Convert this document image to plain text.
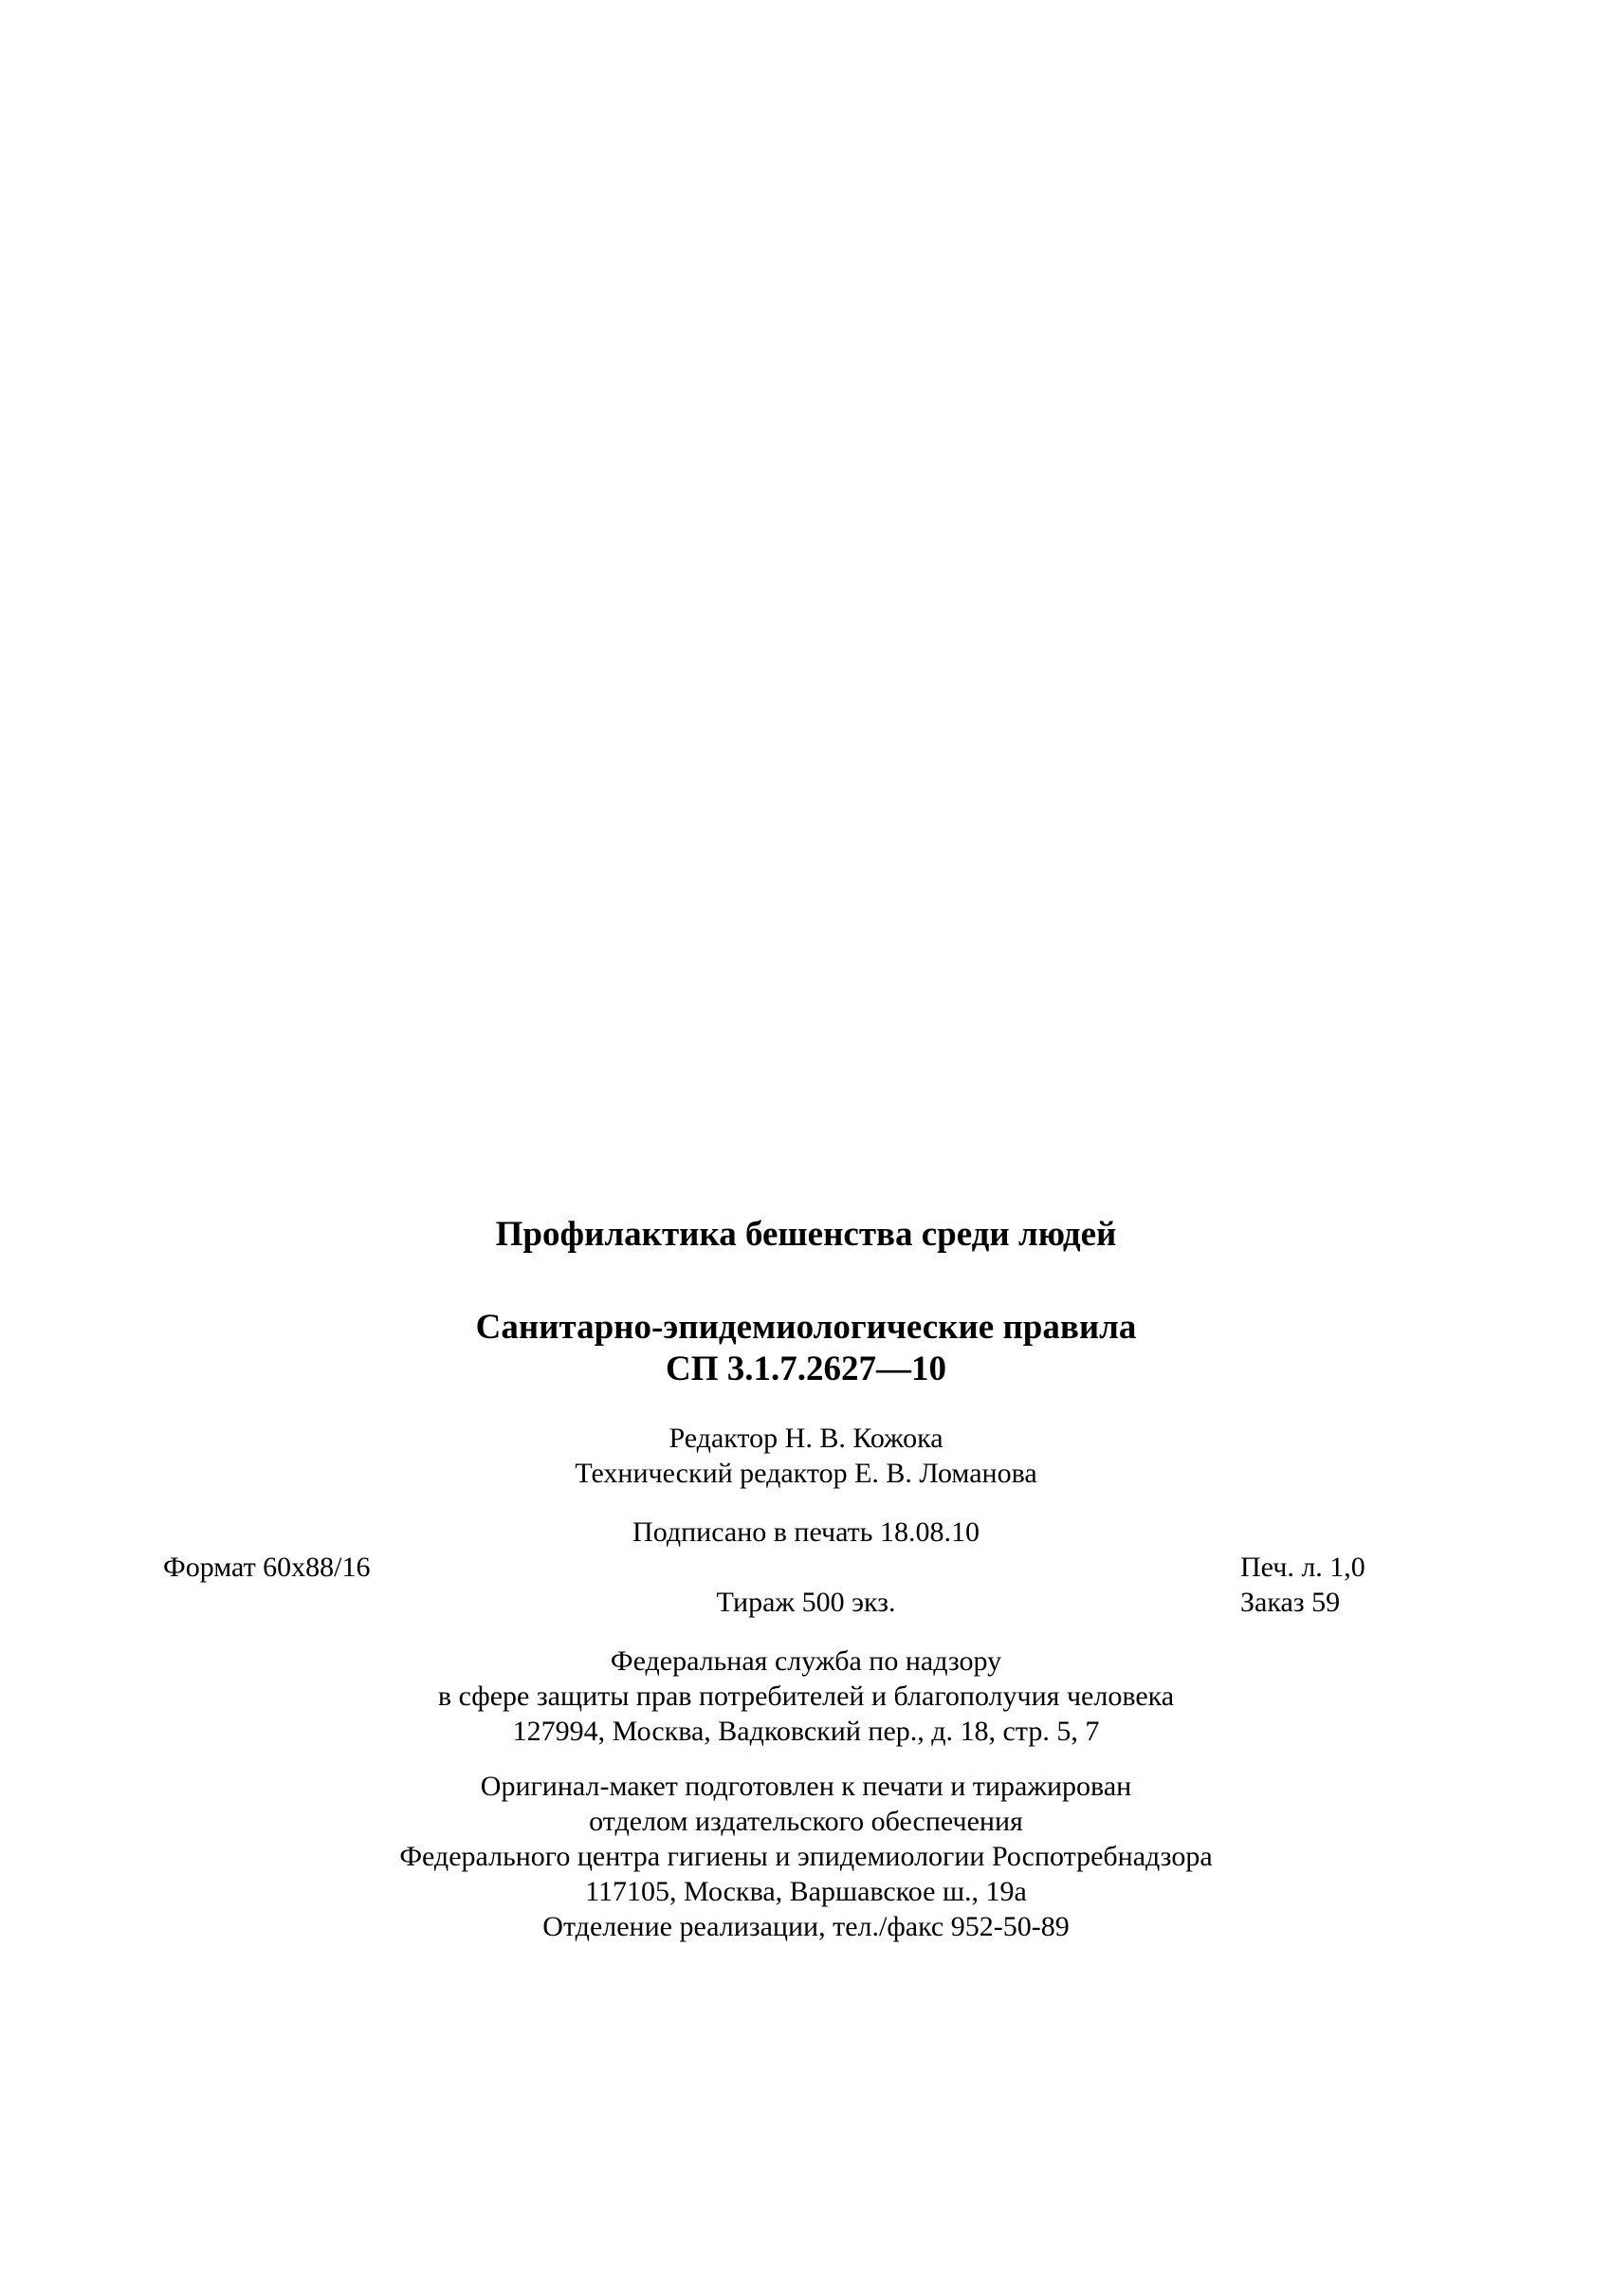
Профилактика бешенства среди людей
Санитарно-эпидемиологические правила
СП 3.1.7.2627—10
Редактор Н. В. Кожока
Технический редактор Е. В. Ломанова
Подписано в печать 18.08.10
Формат 60x88/16	Печ. л. 1,0
Тираж 500 экз.	Заказ 59
Федеральная служба по надзору
в сфере защиты прав потребителей и благополучия человека
127994, Москва, Вадковский пер., д. 18, стр. 5, 7
Оригинал-макет подготовлен к печати и тиражирован
отделом издательского обеспечения
Федерального центра гигиены и эпидемиологии Роспотребнадзора
117105, Москва, Варшавское ш., 19а
Отделение реализации, тел./факс 952-50-89
